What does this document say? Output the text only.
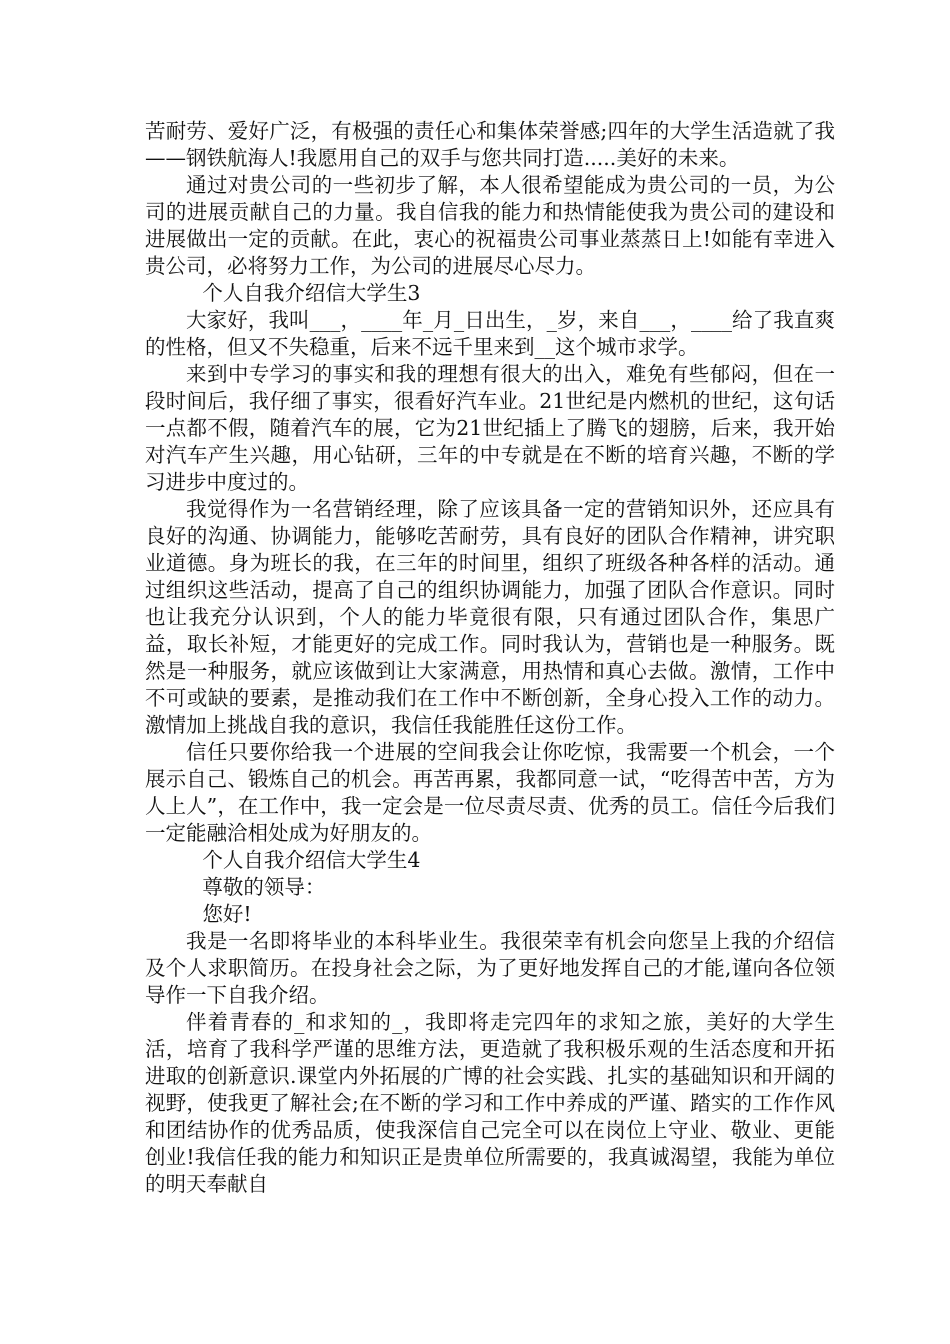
苦耐劳、爱好广泛，有极强的责任心和集体荣誉感;四年的大学生活造就了我——钢铁航海人!我愿用自己的双手与您共同打造.....美好的未来。

通过对贵公司的一些初步了解，本人很希望能成为贵公司的一员，为公司的进展贡献自己的力量。我自信我的能力和热情能使我为贵公司的建设和进展做出一定的贡献。在此，衷心的祝福贵公司事业蒸蒸日上!如能有幸进入贵公司，必将努力工作，为公司的进展尽心尽力。

个人自我介绍信大学生3

大家好，我叫___，____年_月_日出生，_岁，来自___，____给了我直爽的性格，但又不失稳重，后来不远千里来到__这个城市求学。

来到中专学习的事实和我的理想有很大的出入，难免有些郁闷，但在一段时间后，我仔细了事实，很看好汽车业。21世纪是内燃机的世纪，这句话一点都不假，随着汽车的展，它为21世纪插上了腾飞的翅膀，后来，我开始对汽车产生兴趣，用心钻研，三年的中专就是在不断的培育兴趣，不断的学习进步中度过的。

我觉得作为一名营销经理，除了应该具备一定的营销知识外，还应具有良好的沟通、协调能力，能够吃苦耐劳，具有良好的团队合作精神，讲究职业道德。身为班长的我，在三年的时间里，组织了班级各种各样的活动。通过组织这些活动，提高了自己的组织协调能力，加强了团队合作意识。同时也让我充分认识到，个人的能力毕竟很有限，只有通过团队合作，集思广益，取长补短，才能更好的完成工作。同时我认为，营销也是一种服务。既然是一种服务，就应该做到让大家满意，用热情和真心去做。激情，工作中不可或缺的要素，是推动我们在工作中不断创新，全身心投入工作的动力。激情加上挑战自我的意识，我信任我能胜任这份工作。

信任只要你给我一个进展的空间我会让你吃惊，我需要一个机会，一个展示自己、锻炼自己的机会。再苦再累，我都同意一试，“吃得苦中苦，方为人上人”，在工作中，我一定会是一位尽责尽责、优秀的员工。信任今后我们一定能融洽相处成为好朋友的。

个人自我介绍信大学生4

尊敬的领导：

您好!

我是一名即将毕业的本科毕业生。我很荣幸有机会向您呈上我的介绍信及个人求职简历。在投身社会之际，为了更好地发挥自己的才能,谨向各位领导作一下自我介绍。

伴着青春的_和求知的_，我即将走完四年的求知之旅，美好的大学生活，培育了我科学严谨的思维方法，更造就了我积极乐观的生活态度和开拓进取的创新意识.课堂内外拓展的广博的社会实践、扎实的基础知识和开阔的视野，使我更了解社会;在不断的学习和工作中养成的严谨、踏实的工作作风和团结协作的优秀品质，使我深信自己完全可以在岗位上守业、敬业、更能创业!我信任我的能力和知识正是贵单位所需要的，我真诚渴望，我能为单位的明天奉献自
